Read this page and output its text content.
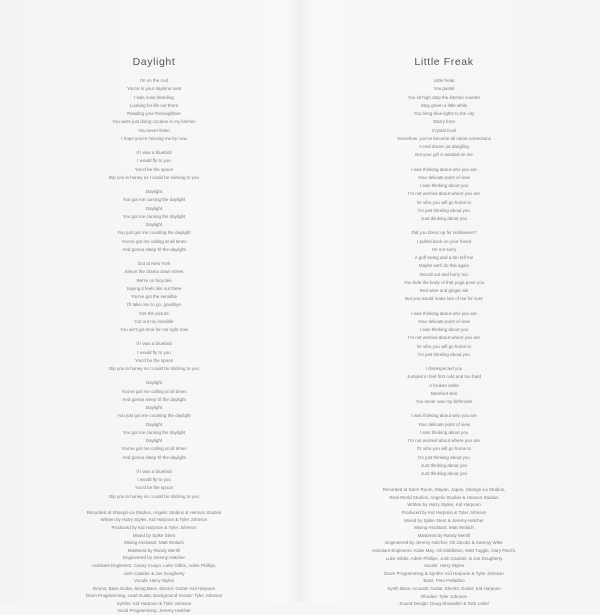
Daylight
I'm on the roof
You're in your daytime seat
I was nose bleeding
Looking for life out there
Reading your thoroughfare
You were just doing cocaine in my kitchen
You never listen
I hope you're missing me by now
If I was a bluebird
I would fly to you
You'd be the spoon
Dip you in honey so I could be sticking to you
Daylight
You got me cursing the daylight
Daylight
You got me cursing the daylight
Daylight
You just got me counting the daylight
You've got me calling at all times
And gonna sleep 'til the daylight
Out at New York
Simon the drama down street
We're on bicycles
Saying it feels like out there
You've got the sensible
I'll take one to go, goodbye
Get the picture
Cut out my invisible
You ain't got time for me right now
If I was a bluebird
I would fly to you
You'd be the spoon
Dip you in honey so I could be sticking to you
Daylight
You've got me calling at all times
And gonna sleep 'til the daylight
Daylight
You just got me counting the daylight
Daylight
You got me cursing the daylight
Daylight
You've got me calling at all times
And gonna sleep 'til the daylight
If I was a bluebird
I would fly to you
You'd be the spoon
Dip you in honey so I could be sticking to you
Recorded at Shangri-La Studios, Angelic Studios & Henson Studios
Written by Harry Styles, Kid Harpoon & Tyler Johnson
Produced by Kid Harpoon & Tyler Johnson
Mixed by Spike Stent
Mixing Assistant: Matt Wolach
Mastered by Randy Merrill
Engineered by Jeremy Hatcher
Assistant Engineers: Casey Cuayo, Luke Gibbs, Adele Phillips,
Josh Caulder & Joe Dougherty
Vocals: Harry Styles
Drums, Bass Guitar, Moog Bass, Electric Guitar: Kid Harpoon
Drum Programming, Lead Guitar, Background Vocals: Tyler Johnson
Synths: Kid Harpoon & Tyler Johnson
Vocal Programming: Jeremy Hatcher
Little Freak
Little freak
You pastel
You sit high atop the kitchen counter
Stay green a little while
You bring blue lights to the city
Starry from
Crystal Kool
Somehow, you've become all name corrections
A real dream jot dangling
But your girl is wasted on me
I was thinking about who you are
Your delicate point of view
I was thinking about you
I'm not worried about where you are
Or who you will go home to
I'm just thinking about you
Just thinking about you
Did you dress up for Halloween?
I pulled back on your friend
I'm not sorry
A golf swing and a tan tell me
Maybe we'll do this again
Recall out and hurry too
You hide the body of that yoga pose you
Red wine and ginger ale
But you would make lots of me for sure
I was thinking about who you are
Your delicate point of view
I was thinking about you
I'm not worried about where you are
Or who you will go home to
I'm just thinking about you
I disrespected you
Jumped in feet first cold and too hard
A broken ankle
Barefoot skin
You never saw my birthmark
I was thinking about who you are
Your delicate point of view
I was thinking about you
I'm not worried about where you are
Or who you will go home to
I'm just thinking about you
Just thinking about you
Just thinking about you
Recorded at Sarm Room, Mayan, Japan, Shangri-La Studios,
Real World Studios, Angelic Studios & Henson Studios
Written by Harry Styles, Kid Harpoon
Produced by Kid Harpoon & Tyler Johnson
Mixed by Spike Stent & Jeremy Hatcher
Mixing Assistant: Matt Wolach
Mastered by Randy Merrill
Engineered by Jeremy Hatcher, Oli Jacobs & Sammy Witte
Assistant Engineers: Katie May, Oli Middleton, Matt Tuggle, Gary Parchi,
Luke Gibbs, Adele Phillips, Josh Caulder, & Joe Dougherty
Vocals: Harry Styles
Drum Programming & Synths: Kid Harpoon & Tyler Johnson
Bass: Pino Palladino
Synth Bass, Acoustic Guitar, Electric Guitar: Kid Harpoon
Rhodes: Tyler Johnson
Sound Design: Doug Showalter & Nick Lobel
